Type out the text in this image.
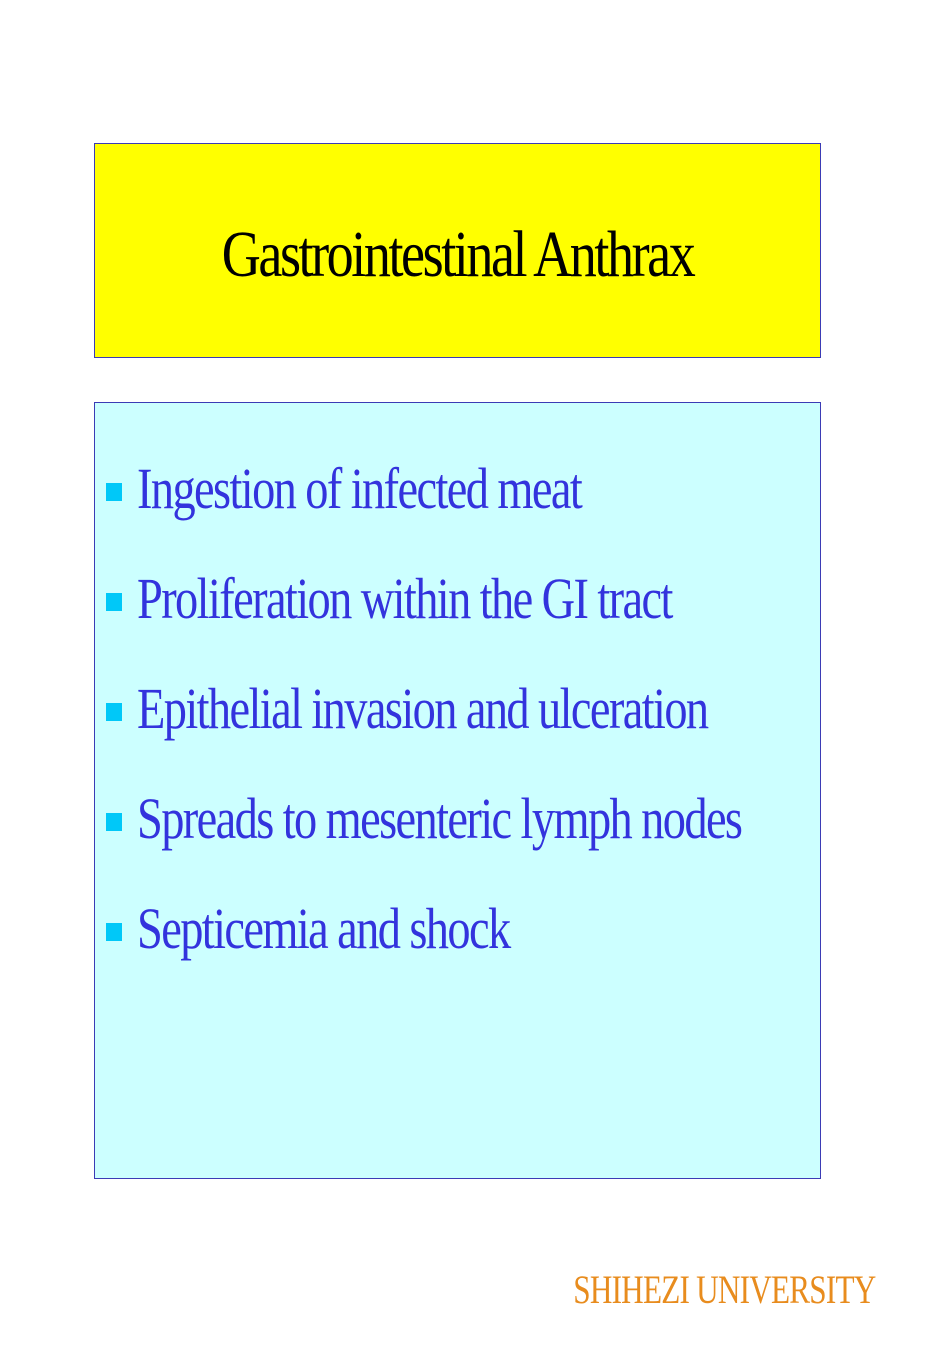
Gastrointestinal Anthrax
Ingestion of infected meat
Proliferation within the GI tract
Epithelial invasion and ulceration
Spreads to mesenteric lymph nodes
Septicemia and shock
SHIHEZI UNIVERSITY
